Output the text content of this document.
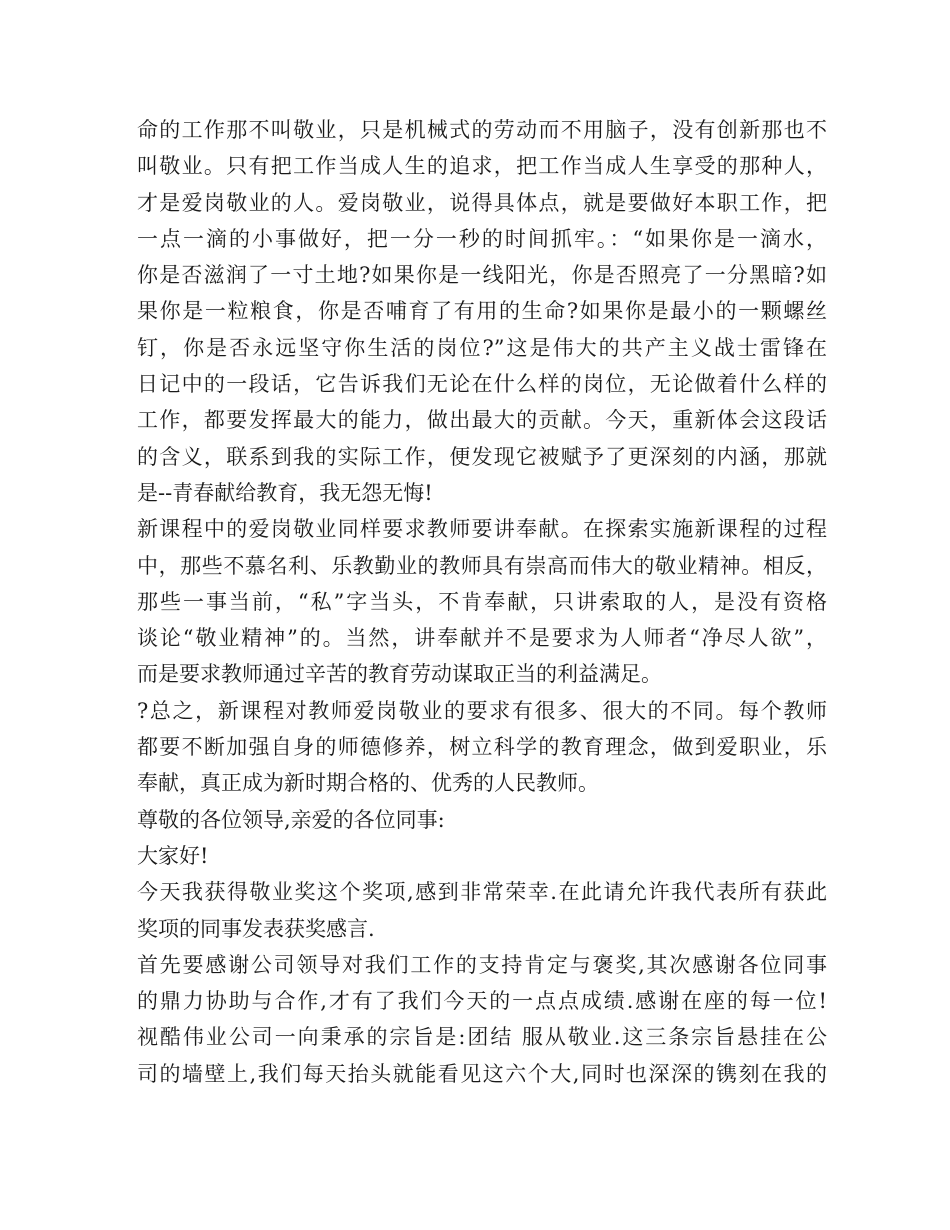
命的工作那不叫敬业，只是机械式的劳动而不用脑子，没有创新那也不
叫敬业。只有把工作当成人生的追求，把工作当成人生享受的那种人，
才是爱岗敬业的人。爱岗敬业，说得具体点，就是要做好本职工作，把
一点一滴的小事做好，把一分一秒的时间抓牢。：“如果你是一滴水，
你是否滋润了一寸土地?如果你是一线阳光，你是否照亮了一分黑暗?如
果你是一粒粮食，你是否哺育了有用的生命?如果你是最小的一颗螺丝
钉，你是否永远坚守你生活的岗位?”这是伟大的共产主义战士雷锋在
日记中的一段话，它告诉我们无论在什么样的岗位，无论做着什么样的
工作，都要发挥最大的能力，做出最大的贡献。今天，重新体会这段话
的含义，联系到我的实际工作，便发现它被赋予了更深刻的内涵，那就
是--青春献给教育，我无怨无悔!
新课程中的爱岗敬业同样要求教师要讲奉献。在探索实施新课程的过程
中，那些不慕名利、乐教勤业的教师具有崇高而伟大的敬业精神。相反，
那些一事当前，“私”字当头，不肯奉献，只讲索取的人，是没有资格
谈论“敬业精神”的。当然，讲奉献并不是要求为人师者“净尽人欲”，
而是要求教师通过辛苦的教育劳动谋取正当的利益满足。
?总之，新课程对教师爱岗敬业的要求有很多、很大的不同。每个教师
都要不断加强自身的师德修养，树立科学的教育理念，做到爱职业，乐
奉献，真正成为新时期合格的、优秀的人民教师。
尊敬的各位领导,亲爱的各位同事:
大家好!
今天我获得敬业奖这个奖项,感到非常荣幸.在此请允许我代表所有获此
奖项的同事发表获奖感言.
首先要感谢公司领导对我们工作的支持肯定与褒奖,其次感谢各位同事
的鼎力协助与合作,才有了我们今天的一点点成绩.感谢在座的每一位!
视酷伟业公司一向秉承的宗旨是:团结 服从敬业.这三条宗旨悬挂在公
司的墙壁上,我们每天抬头就能看见这六个大,同时也深深的镌刻在我的
